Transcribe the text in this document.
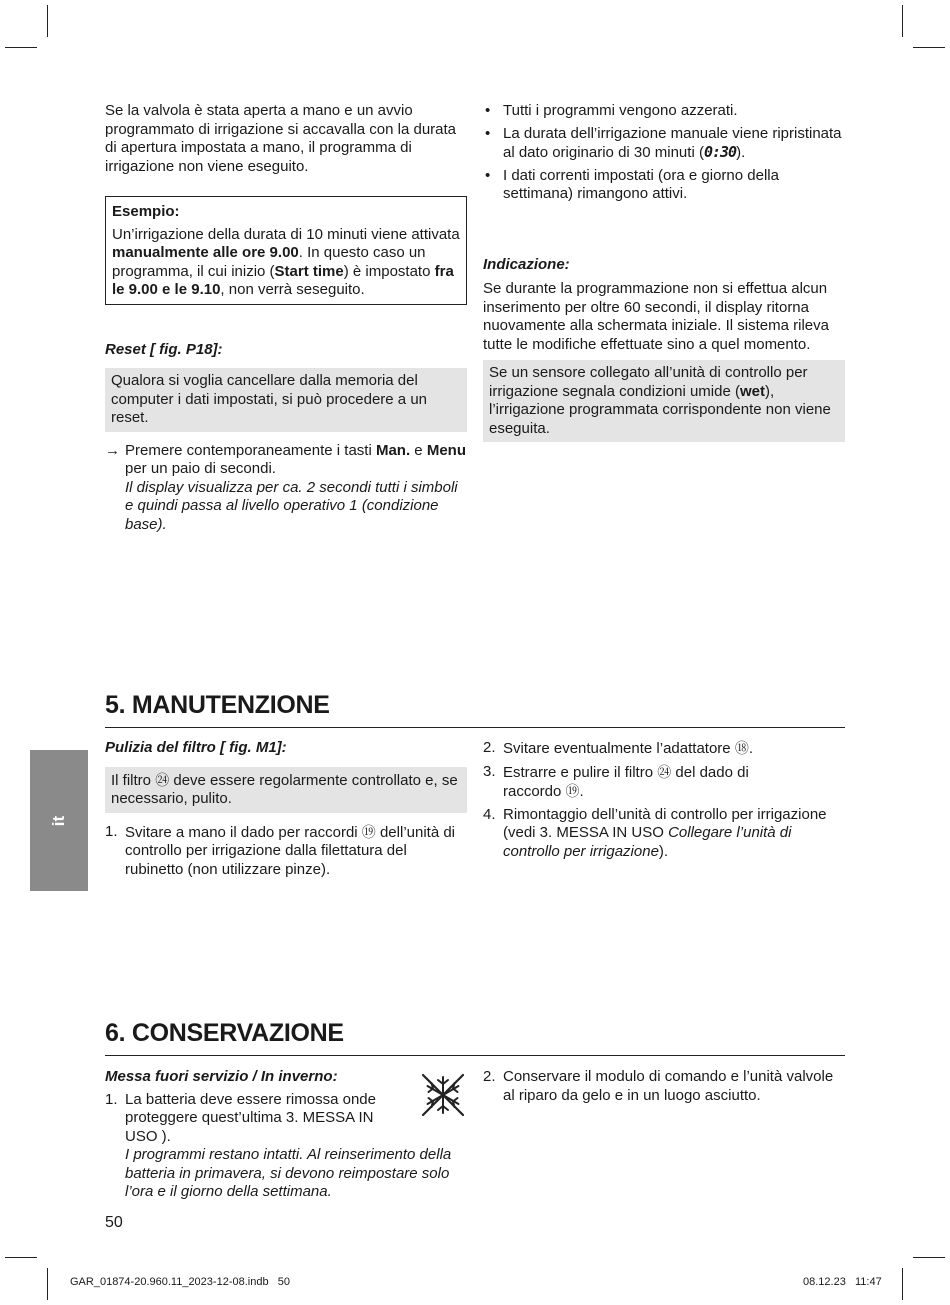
Se la valvola è stata aperta a mano e un avvio programmato di irrigazione si accavalla con la durata di apertura impostata a mano, il programma di irrigazione non viene eseguito.

Esempio:

Un’irrigazione della durata di 10 minuti viene attivata manualmente alle ore 9.00. In questo caso un programma, il cui inizio (Start time) è impostato fra le 9.00 e le 9.10, non verrà seseguito.

Reset [ fig. P18]:
Qualora si voglia cancellare dalla memoria del computer i dati impostati, si può procedere a un reset.
→ Premere contemporaneamente i tasti Man. e Menu per un paio di secondi.

Il display visualizza per ca. 2 secondi tutti i simboli e quindi passa al livello operativo 1 (condizione base).

• Tutti i programmi vengono azzerati.
• La durata dell’irrigazione manuale viene ripristinata al dato originario di 30 minuti (0:30).
• I dati correnti impostati (ora e giorno della settimana) rimangono attivi.
Indicazione:

Se durante la programmazione non si effettua alcun inserimento per oltre 60 secondi, il display ritorna nuovamente alla schermata iniziale. Il sistema rileva tutte le modifiche effettuate sino a quel momento.

Se un sensore collegato all’unità di controllo per irrigazione segnala condizioni umide (wet), l’irrigazione programmata corrispondente non viene eseguita.
5. MANUTENZIONE
Pulizia del filtro [ fig. M1]:
Il filtro ㉔ deve essere regolarmente controllato e, se necessario, pulito.
1. Svitare a mano il dado per raccordi ⑲ dell’unità di controllo per irrigazione dalla filettatura del rubinetto (non utilizzare pinze).
2. Svitare eventualmente l’adattatore ⑱.
3. Estrarre e pulire il filtro ㉔ del dado di raccordo ⑲.
4. Rimontaggio dell’unità di controllo per irrigazione (vedi 3. MESSA IN USO Collegare l’unità di controllo per irrigazione).
6. CONSERVAZIONE
Messa fuori servizio / In inverno:
1. La batteria deve essere rimossa onde proteggere quest’ultima 3. MESSA IN USO ).
I programmi restano intatti. Al reinserimento della batteria in primavera, si devono reimpostare solo l’ora e il giorno della settimana.
2. Conservare il modulo di comando e l’unità valvole al riparo da gelo e in un luogo asciutto.
it
50
GAR_01874-20.960.11_2023-12-08.indb   50	08.12.23   11:47
